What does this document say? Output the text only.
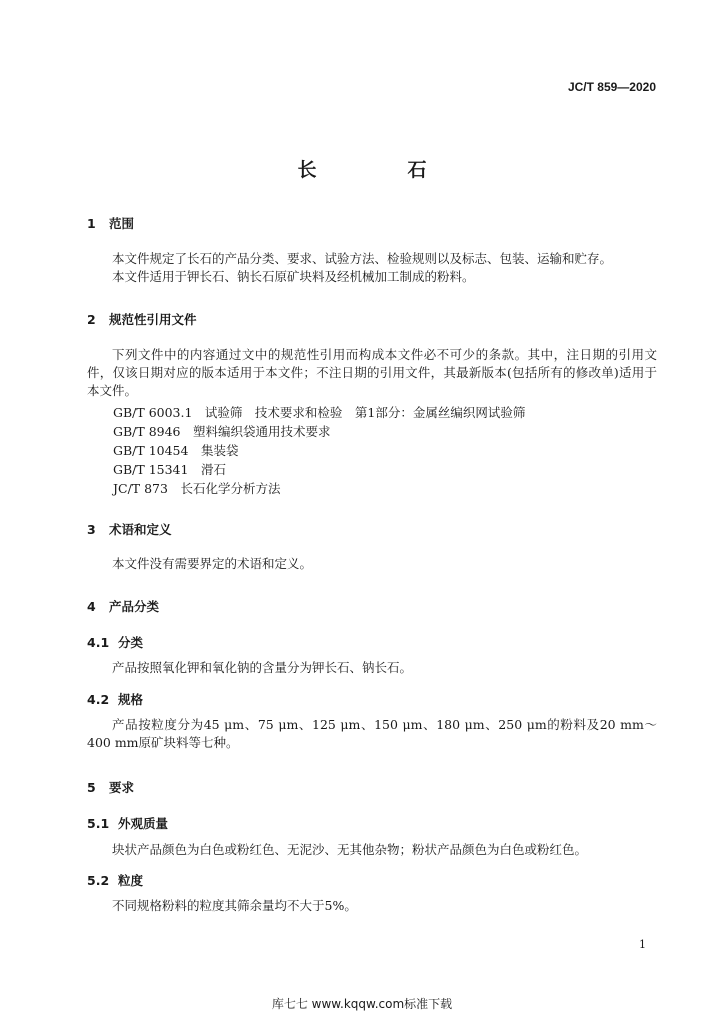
JC/T 859—2020
长　石
1 范围
本文件规定了长石的产品分类、要求、试验方法、检验规则以及标志、包装、运输和贮存。
本文件适用于钾长石、钠长石原矿块料及经机械加工制成的粉料。
2 规范性引用文件
下列文件中的内容通过文中的规范性引用而构成本文件必不可少的条款。其中，注日期的引用文件，仅该日期对应的版本适用于本文件；不注日期的引用文件，其最新版本(包括所有的修改单)适用于本文件。
GB/T 6003.1　试验筛　技术要求和检验　第1部分：金属丝编织网试验筛
GB/T 8946　塑料编织袋通用技术要求
GB/T 10454　集装袋
GB/T 15341　滑石
JC/T 873　长石化学分析方法
3 术语和定义
本文件没有需要界定的术语和定义。
4 产品分类
4.1 分类
产品按照氧化钾和氧化钠的含量分为钾长石、钠长石。
4.2 规格
产品按粒度分为45 μm、75 μm、125 μm、150 μm、180 μm、250 μm的粉料及20 mm～400 mm原矿块料等七种。
5 要求
5.1 外观质量
块状产品颜色为白色或粉红色、无泥沙、无其他杂物；粉状产品颜色为白色或粉红色。
5.2 粒度
不同规格粉料的粒度其筛余量均不大于5%。
1
库七七 www.kqqw.com标准下载
